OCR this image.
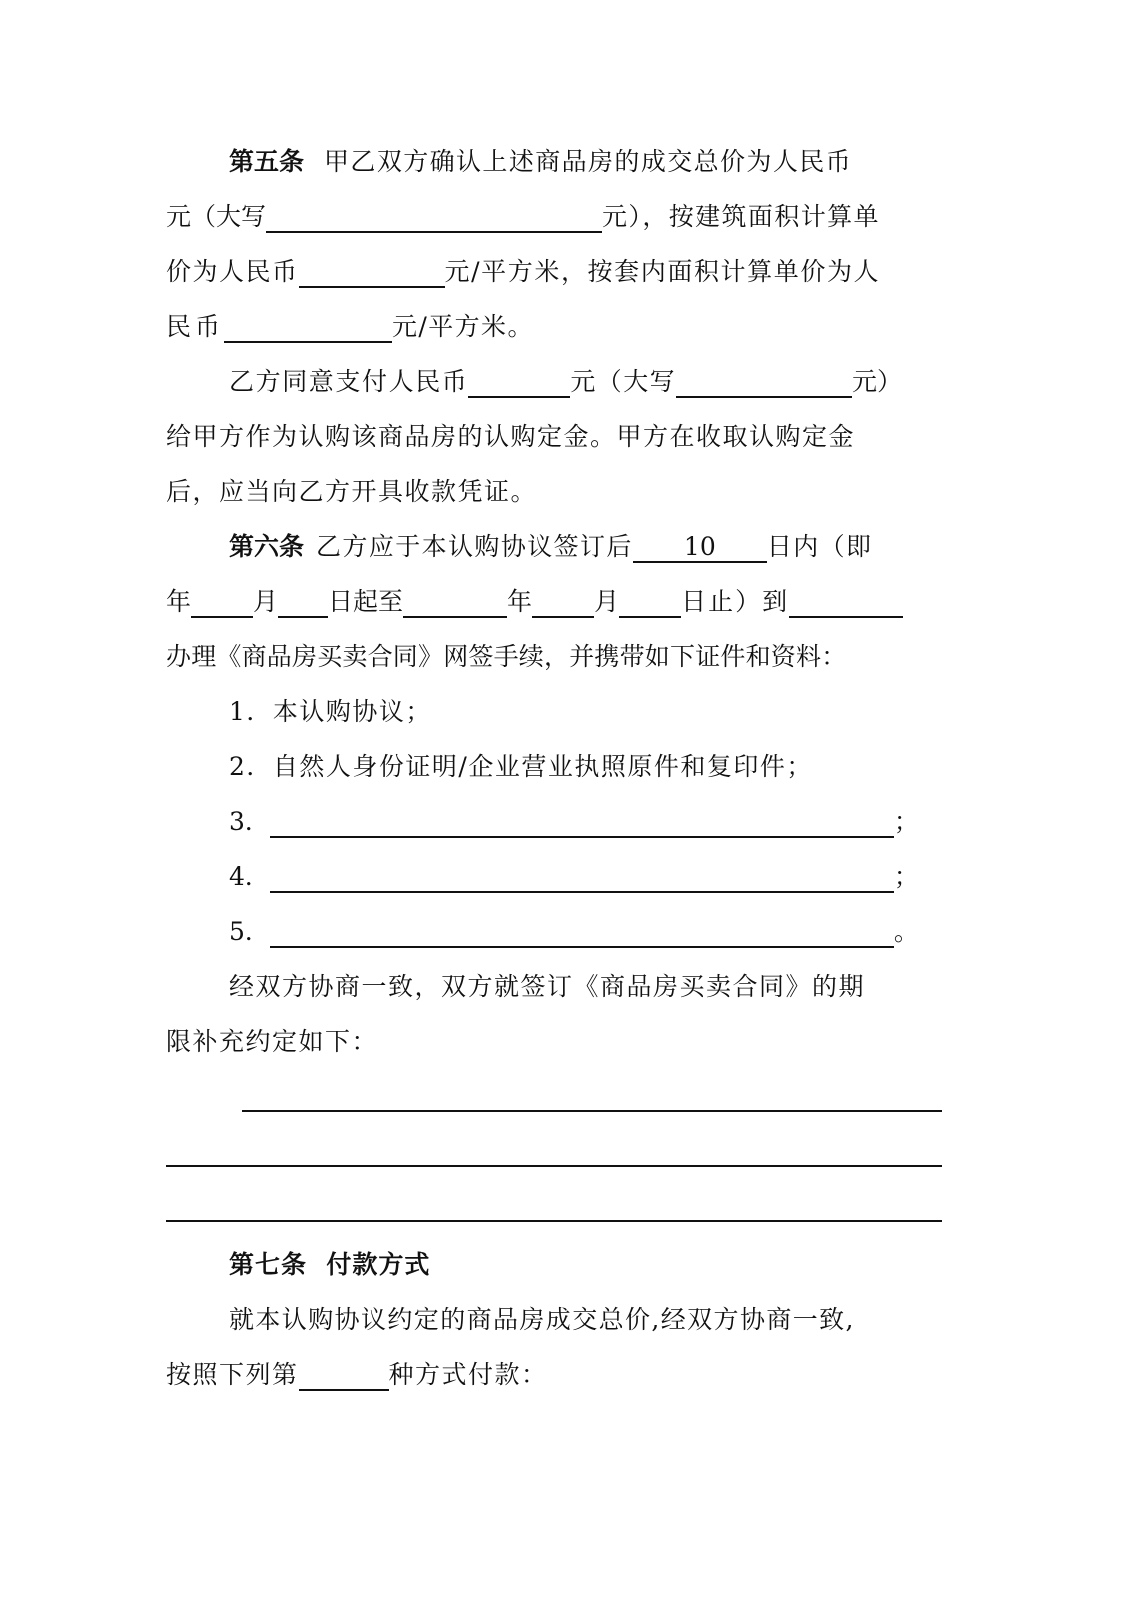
第五条 甲乙双方确认上述商品房的成交总价为人民币
元（大写	元），按建筑面积计算单
价为人民币	元/平方米，按套内面积计算单价为人
民币	元/平方米。
乙方同意支付人民币	元（大写	元）
给甲方作为认购该商品房的认购定金。甲方在收取认购定金
后，应当向乙方开具收款凭证。
第六条 乙方应于本认购协议签订后 10 日内（即
年 月 日起至	年 月 日止）到
办理《商品房买卖合同》网签手续，并携带如下证件和资料：
1．本认购协议；
2．自然人身份证明/企业营业执照原件和复印件；
3．	；
4．	；
5．	。
经双方协商一致，双方就签订《商品房买卖合同》的期
限补充约定如下：
第七条  付款方式
就本认购协议约定的商品房成交总价,经双方协商一致,
按照下列第	种方式付款：
